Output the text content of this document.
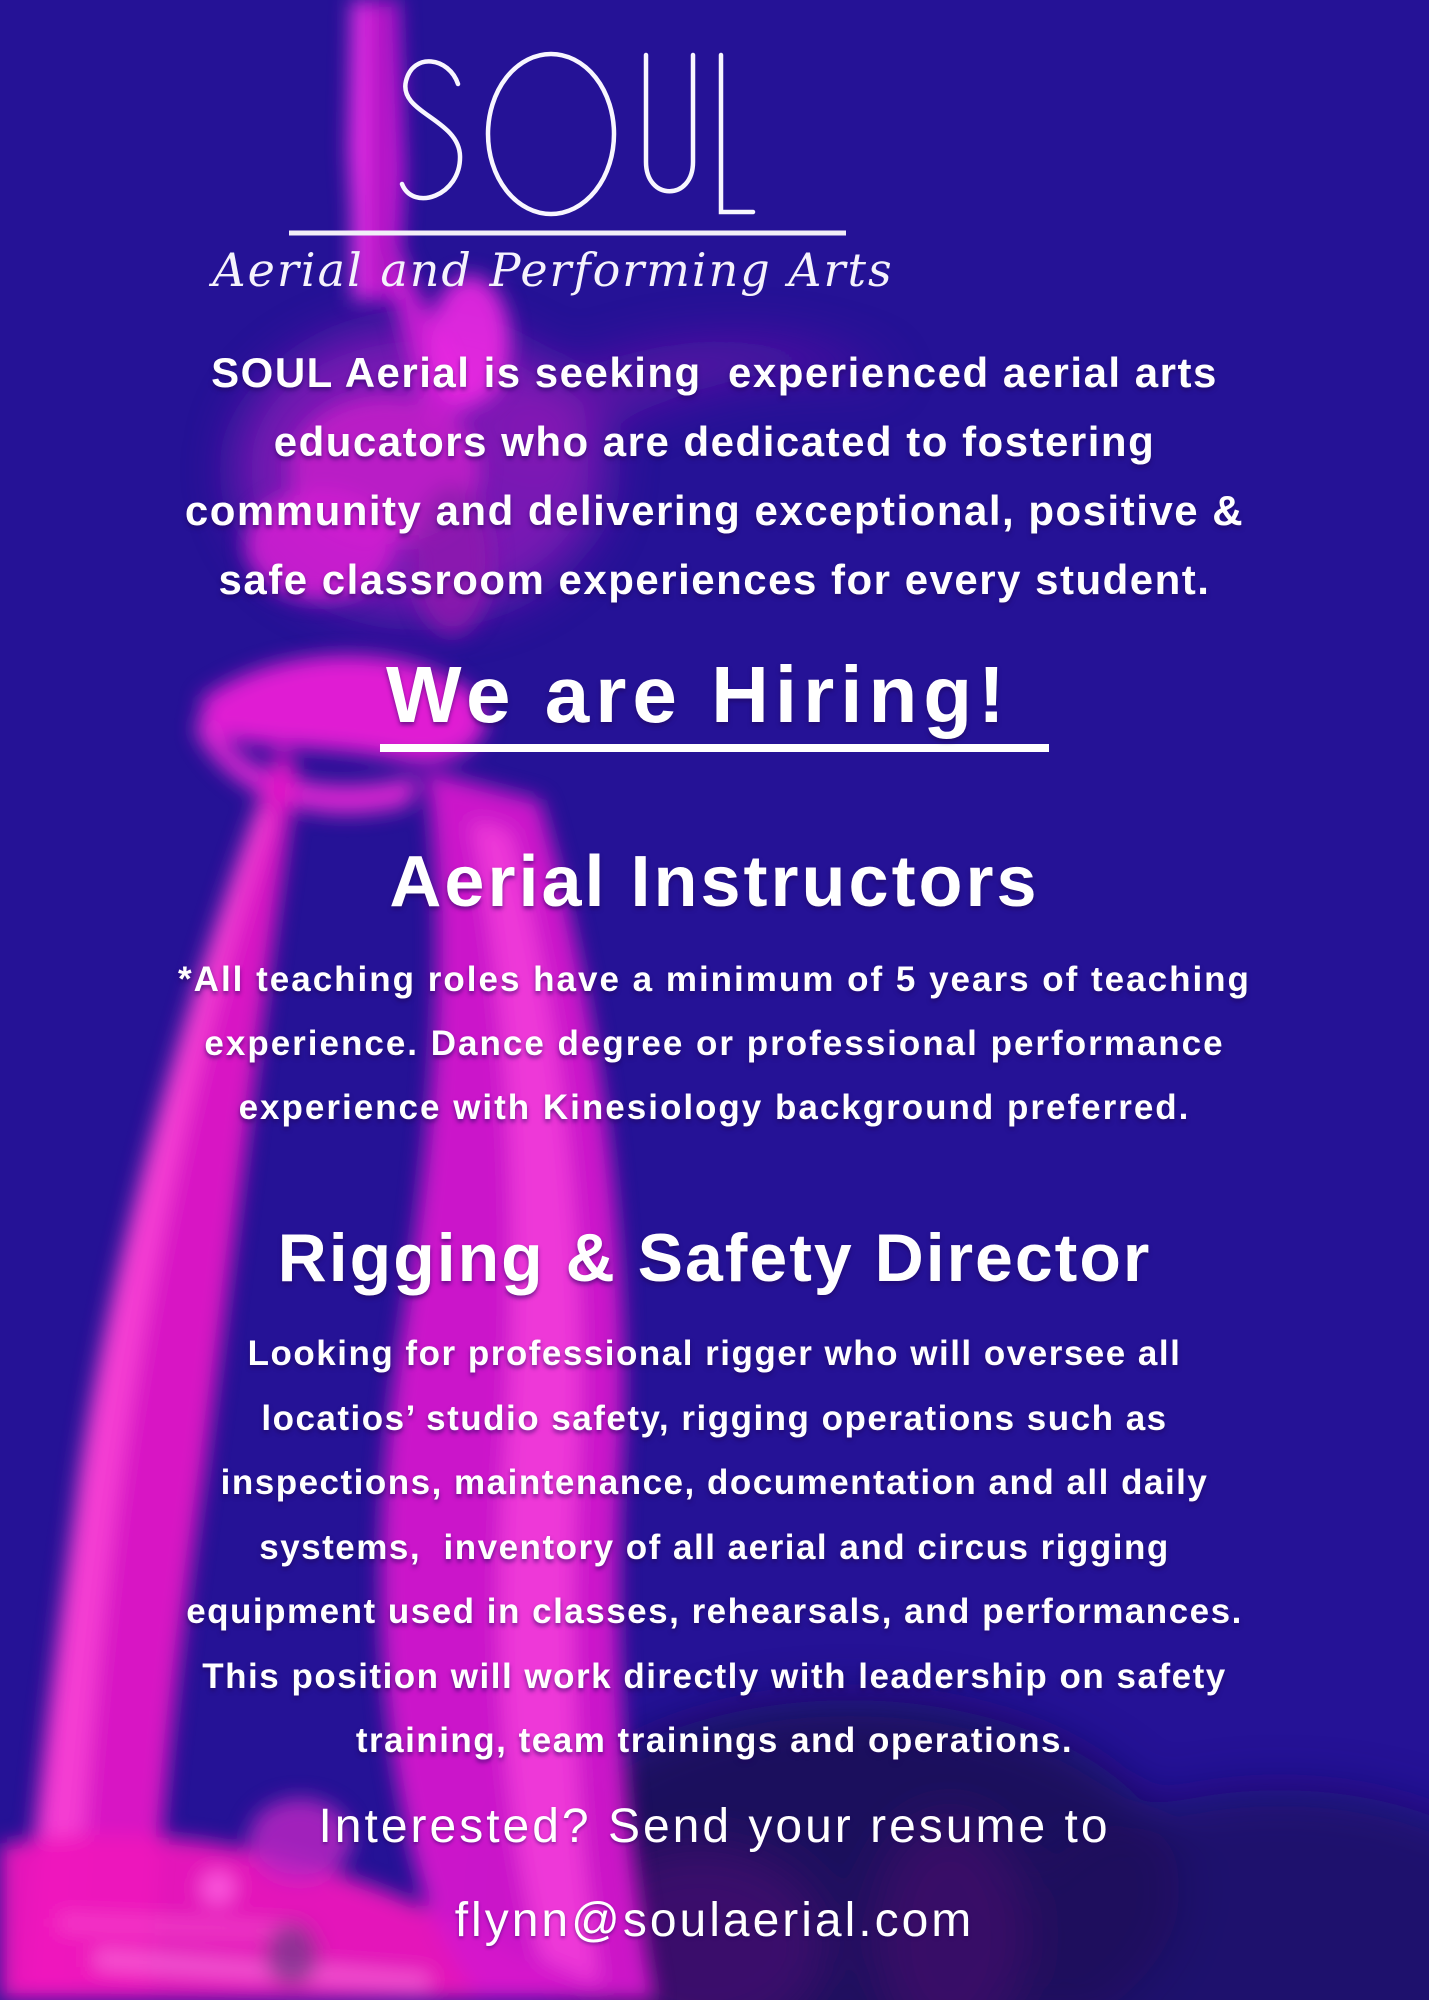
Aerial and Performing Arts
SOUL Aerial is seeking  experienced aerial arts
educators who are dedicated to fostering
community and delivering exceptional, positive &
safe classroom experiences for every student.
We are Hiring!
Aerial Instructors
*All teaching roles have a minimum of 5 years of teaching
experience. Dance degree or professional performance
experience with Kinesiology background preferred.
Rigging & Safety Director
Looking for professional rigger who will oversee all
locatios’ studio safety, rigging operations such as
inspections, maintenance, documentation and all daily
systems,  inventory of all aerial and circus rigging
equipment used in classes, rehearsals, and performances.
This position will work directly with leadership on safety
training, team trainings and operations.
Interested? Send your resume to
flynn@soulaerial.com
